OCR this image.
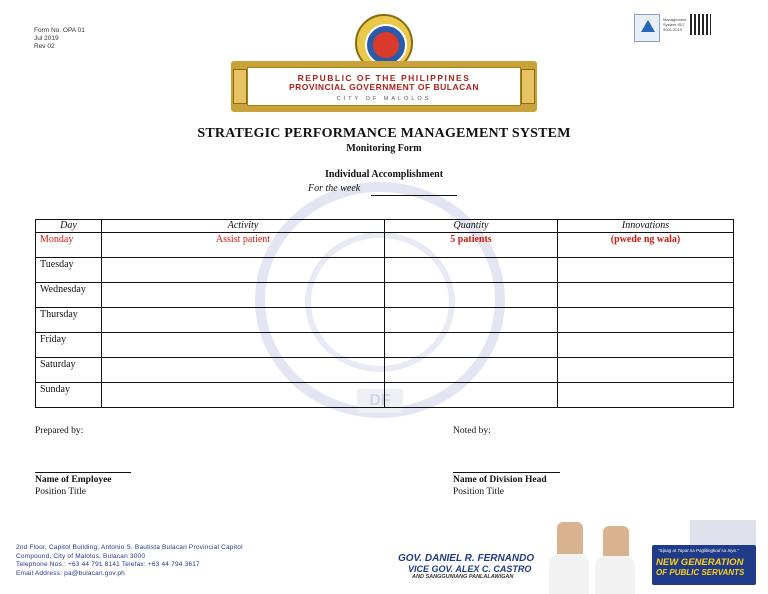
Form No. OPA 01
Jul 2019
Rev 02
REPUBLIC OF THE PHILIPPINES
PROVINCIAL GOVERNMENT OF BULACAN
CITY OF MALOLOS
Management System ISO 9001:2015
DF
STRATEGIC PERFORMANCE MANAGEMENT SYSTEM
Monitoring Form
Individual Accomplishment
For the week
Day	Activity	Quantity	Innovations
Monday	Assist patient	5 patients	(pwede ng wala)
Tuesday			
Wednesday			
Thursday			
Friday			
Saturday			
Sunday			
Prepared by:	Noted by:
Name of Employee
Position Title
Name of Division Head
Position Title
2nd Floor, Capitol Building, Antonio S. Bautista Bulacan Provincial Capitol
Compound, City of Malolos, Bulacan 3000
Telephone Nos.: +63 44 791 8141 Telefax: +63 44 794 3617
Email Address: pa@bulacan.gov.ph
GOV. DANIEL R. FERNANDO
VICE GOV. ALEX C. CASTRO
AND SANGGUNIANG PANLALAWIGAN
"Sipag at Tapat na Paglilingkod sa Inyo."
NEW GENERATION
OF PUBLIC SERVANTS
